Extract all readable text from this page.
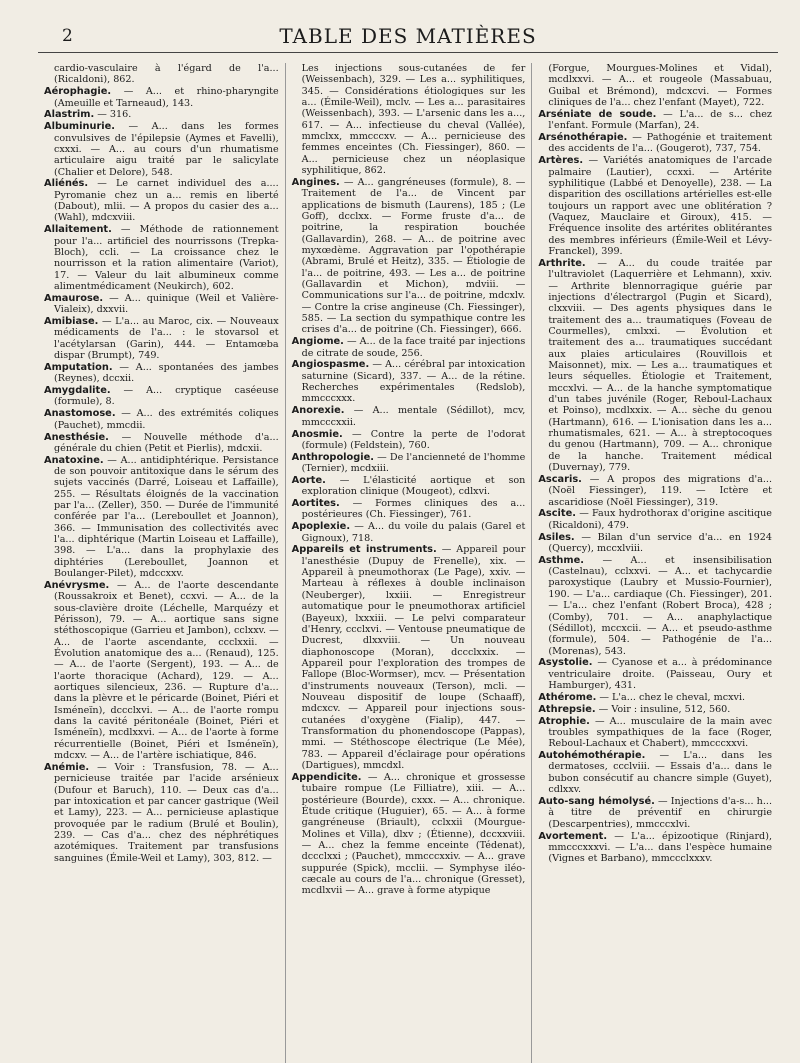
2	TABLE DES MATIÈRES

cardio-vasculaire à l'égard de l'a... (Ricaldoni), 862.

Aérophagie. — A... et rhino-pharyngite (Ameuille et Tarneaud), 143.

Alastrim. — 316.

Albuminurie. — A... dans les formes convulsives de l'épilepsie (Aymes et Favelli), cxxxi. — A... au cours d'un rhumatisme articulaire aigu traité par le salicylate (Chalier et Delore), 548.

Aliénés. — Le carnet individuel des a.... Pyromanie chez un a... remis en liberté (Dabout), mlii. — A propos du casier des a... (Wahl), mdcxviii.

Allaitement. — Méthode de rationnement pour l'a... artificiel des nourrissons (Trepka-Bloch), ccli. — La croissance chez le nourrisson et la ration alimentaire (Variot), 17. — Valeur du lait albumineux comme alimentmédicament (Neukirch), 602.

Amaurose. — A... quinique (Weil et Valière-Vialeix), dxxvii.

Amibiase. — L'a... au Maroc, cix. — Nouveaux médicaments de l'a... : le stovarsol et l'acétylarsan (Garin), 444. — Entamœba dispar (Brumpt), 749.

Amputation. — A... spontanées des jambes (Reynes), dccxii.

Amygdalite. — A... cryptique caséeuse (formule), 8.

Anastomose. — A... des extrémités coliques (Pauchet), mmcdii.

Anesthésie. — Nouvelle méthode d'a... générale du chien (Petit et Pierlis), mdcxii.

Anatoxine. — A... antidiphtérique. Persistance de son pouvoir antitoxique dans le sérum des sujets vaccinés (Darré, Loiseau et Laffaille), 255. — Résultats éloignés de la vaccination par l'a... (Zeller), 350. — Durée de l'immunité conférée par l'a... (Lereboullet et Joannon), 366. — Immunisation des collectivités avec l'a... diphtérique (Martin Loiseau et Laffaille), 398. — L'a... dans la prophylaxie des diphtéries (Lereboullet, Joannon et Boulanger-Pilet), mdccxxv.

Anévrysme. — A... de l'aorte descendante (Roussakroix et Benet), ccxvi. — A... de la sous-clavière droite (Léchelle, Marquézy et Périsson), 79. — A... aortique sans signe stéthoscopique (Garrieu et Jambon), cclxxv. — A... de l'aorte ascendante, ccclxxii. — Évolution anatomique des a... (Renaud), 125. — A... de l'aorte (Sergent), 193. — A... de l'aorte thoracique (Achard), 129. — A... aortiques silencieux, 236. — Rupture d'a... dans la plèvre et le péricarde (Boinet, Piéri et Isméneïn), dccclxvi. — A... de l'aorte rompu dans la cavité péritonéale (Boinet, Piéri et Isméneïn), mcdlxxvi. — A... de l'aorte à forme récurrentielle (Boinet, Piéri et Isméneïn), mdcxv. — A... de l'artère ischiatique, 846.

Anémie. — Voir : Transfusion, 78. — A... pernicieuse traitée par l'acide arsénieux (Dufour et Baruch), 110. — Deux cas d'a... par intoxication et par cancer gastrique (Weil et Lamy), 223. — A... pernicieuse aplastique provoquée par le radium (Brulé et Boulin), 239. — Cas d'a... chez des néphrétiques azotémiques. Traitement par transfusions sanguines (Émile-Weil et Lamy), 303, 812. —

Les injections sous-cutanées de fer (Weissenbach), 329. — Les a... syphilitiques, 345. — Considérations étiologiques sur les a... (Émile-Weil), mclv. — Les a... parasitaires (Weissenbach), 393. — L'arsenic dans les a..., 617. — A... infectieuse du cheval (Vallée), mmclxx, mmcccxv. — A... pernicieuse des femmes enceintes (Ch. Fiessinger), 860. — A... pernicieuse chez un néoplasique syphilitique, 862.

Angines. — A... gangréneuses (formule), 8. — Traitement de l'a... de Vincent par applications de bismuth (Laurens), 185 ; (Le Goff), dcclxx. — Forme fruste d'a... de poitrine, la respiration bouchée (Gallavardin), 268. — A... de poitrine avec myxœdème. Aggravation par l'opothérapie (Abrami, Brulé et Heitz), 335. — Étiologie de l'a... de poitrine, 493. — Les a... de poitrine (Gallavardin et Michon), mdviii. — Communications sur l'a... de poitrine, mdcxlv. — Contre la crise angineuse (Ch. Fiessinger), 585. — La section du sympathique contre les crises d'a... de poitrine (Ch. Fiessinger), 666.

Angiome. — A... de la face traité par injections de citrate de soude, 256.

Angiospasme. — A... cérébral par intoxication saturnine (Sicard), 337. — A... de la rétine. Recherches expérimentales (Redslob), mmcccxxx.

Anorexie. — A... mentale (Sédillot), mcv, mmcccxxii.

Anosmie. — Contre la perte de l'odorat (formule) (Feldstein), 760.

Anthropologie. — De l'ancienneté de l'homme (Ternier), mcdxiii.

Aorte. — L'élasticité aortique et son exploration clinique (Mougeot), cdlxvi.

Aortites. — Formes cliniques des a... postérieures (Ch. Fiessinger), 761.

Apoplexie. — A... du voile du palais (Garel et Gignoux), 718.

Appareils et instruments. — Appareil pour l'anesthésie (Dupuy de Frenelle), xix. — Appareil à pneumothorax (Le Page), xxiv. — Marteau à réflexes à double inclinaison (Neuberger), lxxiii. — Enregistreur automatique pour le pneumothorax artificiel (Bayeux), lxxxiii. — Le pelvi comparateur d'Henry, ccclxvi. — Ventouse pneumatique de Ducrest, dlxxviii. — Un nouveau diaphonoscope (Moran), dccclxxix. — Appareil pour l'exploration des trompes de Fallope (Bloc-Wormser), mcv. — Présentation d'instruments nouveaux (Terson), mcli. — Nouveau dispositif de loupe (Schaaff), mdcxcv. — Appareil pour injections sous-cutanées d'oxygène (Fialip), 447. — Transformation du phonendoscope (Pappas), mmi. — Stéthoscope électrique (Le Mée), 783. — Appareil d'éclairage pour opérations (Dartigues), mmcdxl.

Appendicite. — A... chronique et grossesse tubaire rompue (Le Filliatre), xiii. — A... postérieure (Bourde), cxxx. — A... chronique. Étude critique (Huguier), 65. — A... à forme gangréneuse (Briault), cclxxii (Mourgue-Molines et Villa), dlxv ; (Étienne), dccxxviii. — A... chez la femme enceinte (Tédenat), dccclxxi ; (Pauchet), mmcccxxiv. — A... grave suppurée (Spick), mcclii. — Symphyse iléo-cæcale au cours de l'a... chronique (Gresset), mcdlxvii — A... grave à forme atypique

(Forgue, Mourgues-Molines et Vidal), mcdlxxvi. — A... et rougeole (Massabuau, Guibal et Brémond), mdcxcvi. — Formes cliniques de l'a... chez l'enfant (Mayet), 722.

Arséniate de soude. — L'a... de s... chez l'enfant. Formule (Marfan), 24.

Arsénothérapie. — Pathogénie et traitement des accidents de l'a... (Gougerot), 737, 754.

Artères. — Variétés anatomiques de l'arcade palmaire (Lautier), ccxxi. — Artérite syphilitique (Labbé et Denoyelle), 238. — La disparition des oscillations artérielles est-elle toujours un rapport avec une oblitération ? (Vaquez, Mauclaire et Giroux), 415. — Fréquence insolite des artérites oblitérantes des membres inférieurs (Émile-Weil et Lévy-Franckel), 399.

Arthrite. — A... du coude traitée par l'ultraviolet (Laquerrière et Lehmann), xxiv. — Arthrite blennorragique guérie par injections d'électrargol (Pugin et Sicard), clxxviii. — Des agents physiques dans le traitement des a... traumatiques (Foveau de Courmelles), cmlxxi. — Évolution et traitement des a... traumatiques succédant aux plaies articulaires (Rouvillois et Maisonnet), mix. — Les a... traumatiques et leurs séquelles. Étiologie et Traitement, mccxlvi. — A... de la hanche symptomatique d'un tabes juvénile (Roger, Reboul-Lachaux et Poinso), mcdlxxix. — A... sèche du genou (Hartmann), 616. — L'ionisation dans les a... rhumatismales, 621. — A... à streptocoques du genou (Hartmann), 709. — A... chronique de la hanche. Traitement médical (Duvernay), 779.

Ascaris. — A propos des migrations d'a... (Noël Fiessinger), 119. — Ictère et ascaridiose (Noël Fiessinger), 319.

Ascite. — Faux hydrothorax d'origine ascitique (Ricaldoni), 479.

Asiles. — Bilan d'un service d'a... en 1924 (Quercy), mccxlviii.

Asthme. — A... et insensibilisation (Castelnau), cclxxvi. — A... et tachycardie paroxystique (Laubry et Mussio-Fournier), 190. — L'a... cardiaque (Ch. Fiessinger), 201. — L'a... chez l'enfant (Robert Broca), 428 ; (Comby), 701. — A... anaphylactique (Sédillot), mccxcii. — A... et pseudo-asthme (formule), 504. — Pathogénie de l'a... (Morenas), 543.

Asystolie. — Cyanose et a... à prédominance ventriculaire droite. (Paisseau, Oury et Hamburger), 431.

Athérome. — L'a... chez le cheval, mcxvi.

Athrepsie. — Voir : insuline, 512, 560.

Atrophie. — A... musculaire de la main avec troubles sympathiques de la face (Roger, Reboul-Lachaux et Chabert), mmcccxxvi.

Autohémothérapie. — L'a... dans les dermatoses, ccclviii. — Essais d'a... dans le bubon consécutif au chancre simple (Guyet), cdlxxv.

Auto-sang hémolysé. — Injections d'a-s... h... à titre de préventif en chirurgie (Descarpentries), mmcccxlvi.

Avortement. — L'a... épizootique (Rinjard), mmcccxxxvi. — L'a... dans l'espèce humaine (Vignes et Barbano), mmccclxxxv.
